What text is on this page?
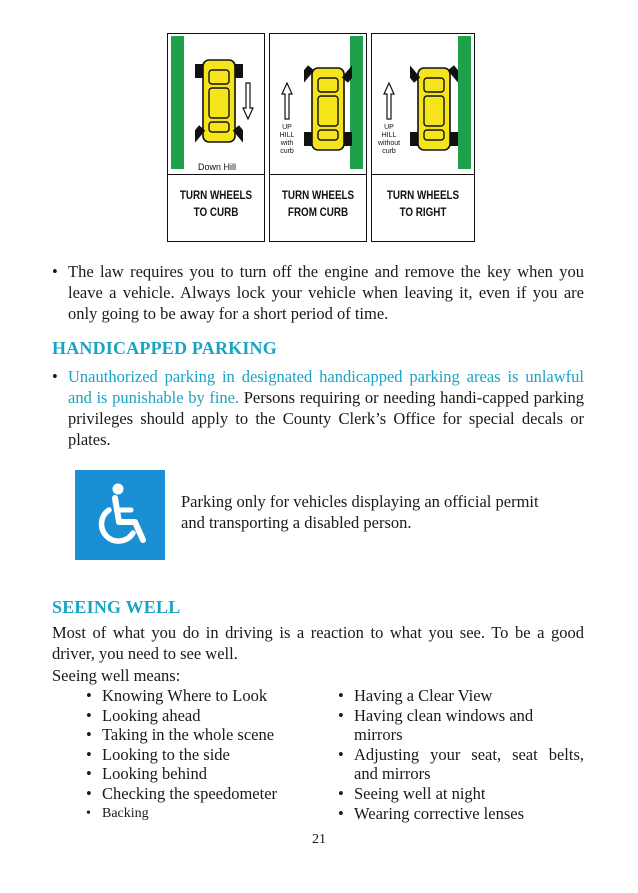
Down Hill
TURN WHEELS
TO CURB
UP
HILL
with
curb
TURN WHEELS
FROM CURB
UP
HILL
without
curb
TURN WHEELS
TO RIGHT
• The law requires you to turn off the engine and remove the key when you leave a vehicle. Always lock your vehicle when leaving it, even if you are only going to be away for a short period of time.
HANDICAPPED PARKING
• Unauthorized parking in designated handicapped parking areas is unlawful and is punishable by fine. Persons requiring or needing handi-capped parking privileges should apply to the County Clerk’s Office for special decals or plates.
Parking only for vehicles displaying an official permit
and transporting a disabled person.
SEEING WELL
Most of what you do in driving is a reaction to what you see. To be a good driver, you need to see well.
Seeing well means:
• Knowing Where to Look
• Looking ahead
• Taking in the whole scene
• Looking to the side
• Looking behind
• Checking the speedometer
• Backing
• Having a Clear View
• Having clean windows and mirrors
• Adjusting your seat, seat belts, and mirrors
• Seeing well at night
• Wearing corrective lenses
21
